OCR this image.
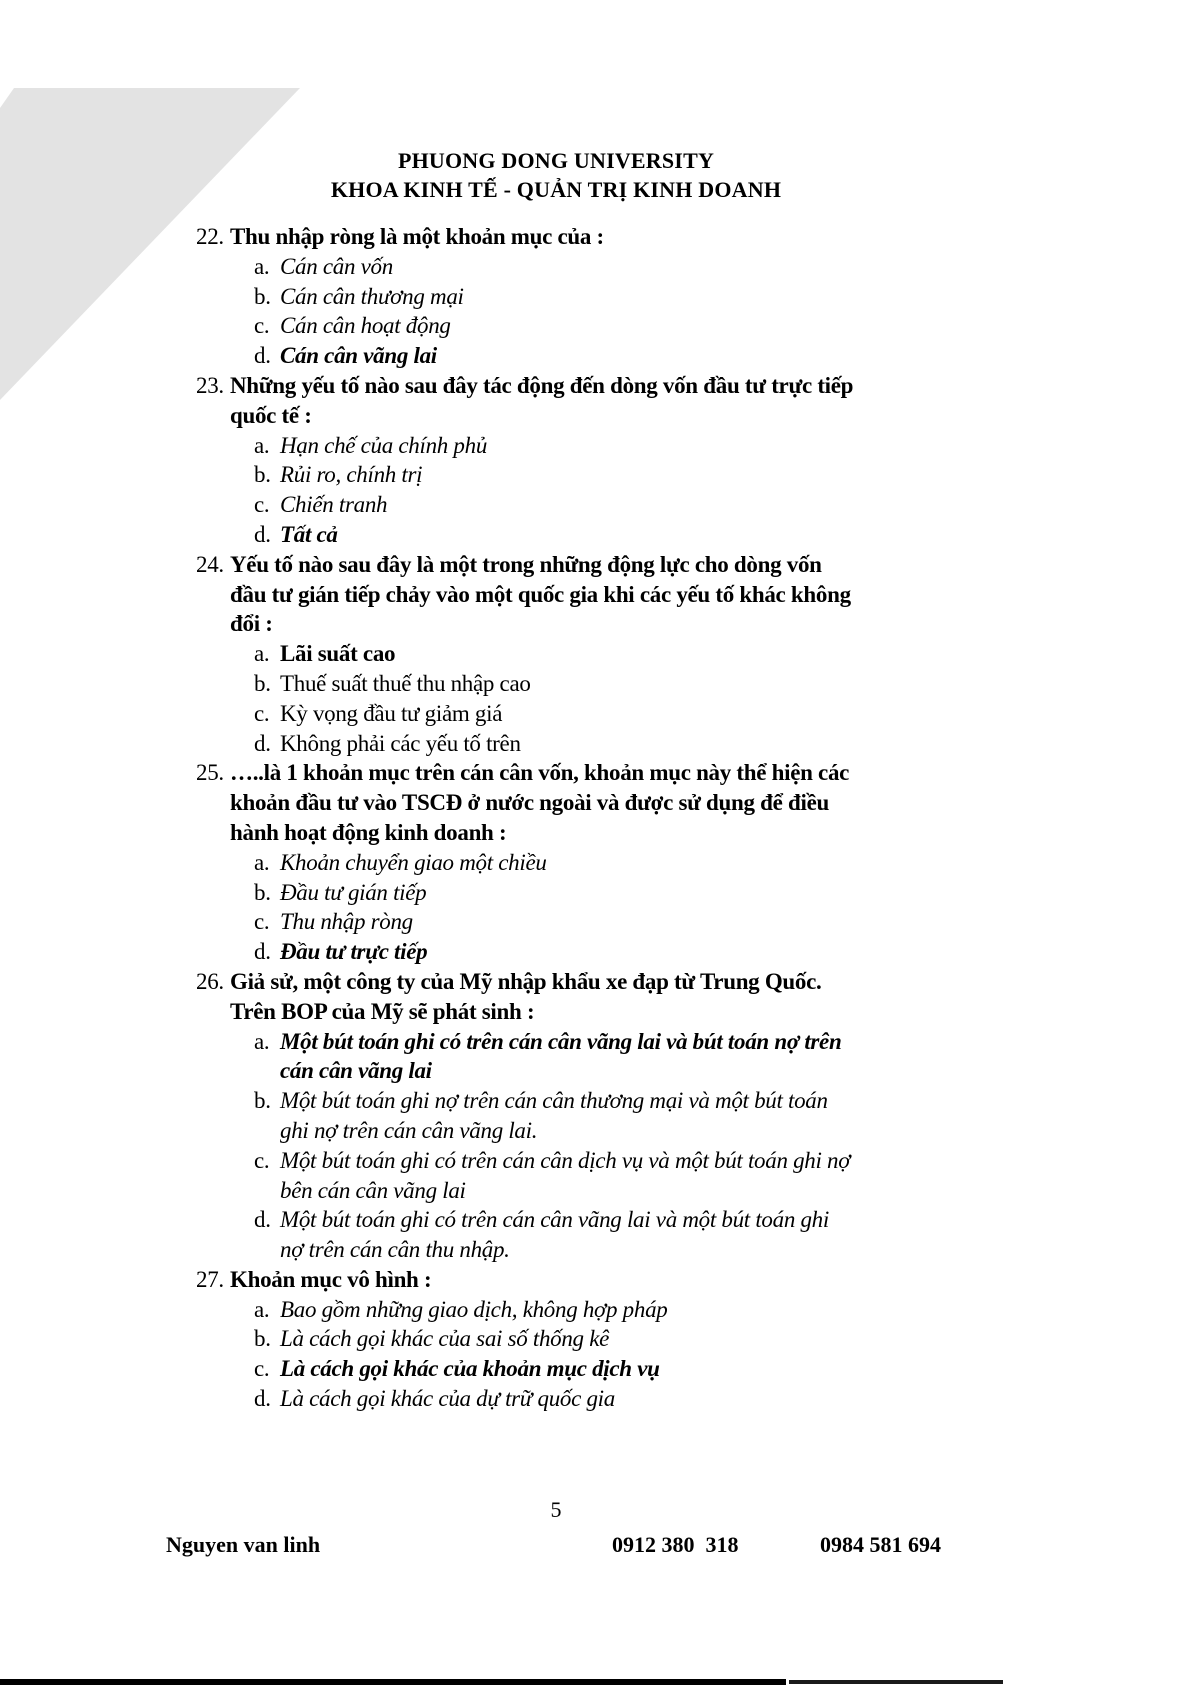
PHUONG DONG UNIVERSITY
KHOA KINH TẾ - QUẢN TRỊ KINH DOANH
22. Thu nhập ròng là một khoản mục của :
a. Cán cân vốn
b. Cán cân thương mại
c. Cán cân hoạt động
d. Cán cân vãng lai
23. Những yếu tố nào sau đây tác động đến dòng vốn đầu tư trực tiếp
quốc tế :
a. Hạn chế của chính phủ
b. Rủi ro, chính trị
c. Chiến tranh
d. Tất cả
24. Yếu tố nào sau đây là một trong những động lực cho dòng vốn
đầu tư gián tiếp chảy vào một quốc gia khi các yếu tố khác không
đổi :
a. Lãi suất cao
b. Thuế suất thuế thu nhập cao
c. Kỳ vọng đầu tư giảm giá
d. Không phải các yếu tố trên
25. …..là 1 khoản mục trên cán cân vốn, khoản mục này thể hiện các
khoản đầu tư vào TSCĐ ở nước ngoài và được sử dụng để điều
hành hoạt động kinh doanh :
a. Khoản chuyển giao một chiều
b. Đầu tư gián tiếp
c. Thu nhập ròng
d. Đầu tư trực tiếp
26. Giả sử, một công ty của Mỹ nhập khẩu xe đạp từ Trung Quốc.
Trên BOP của Mỹ sẽ phát sinh :
a. Một bút toán ghi có trên cán cân vãng lai và bút toán nợ trên
cán cân vãng lai
b. Một bút toán ghi nợ trên cán cân thương mại và một bút toán
ghi nợ trên cán cân vãng lai.
c. Một bút toán ghi có trên cán cân dịch vụ và một bút toán ghi nợ
bên cán cân vãng lai
d. Một bút toán ghi có trên cán cân vãng lai và một bút toán ghi
nợ trên cán cân thu nhập.
27. Khoản mục vô hình :
a. Bao gồm những giao dịch, không hợp pháp
b. Là cách gọi khác của sai số thống kê
c. Là cách gọi khác của khoản mục dịch vụ
d. Là cách gọi khác của dự trữ quốc gia
5
Nguyen van linh	0912 380  318	0984 581 694
